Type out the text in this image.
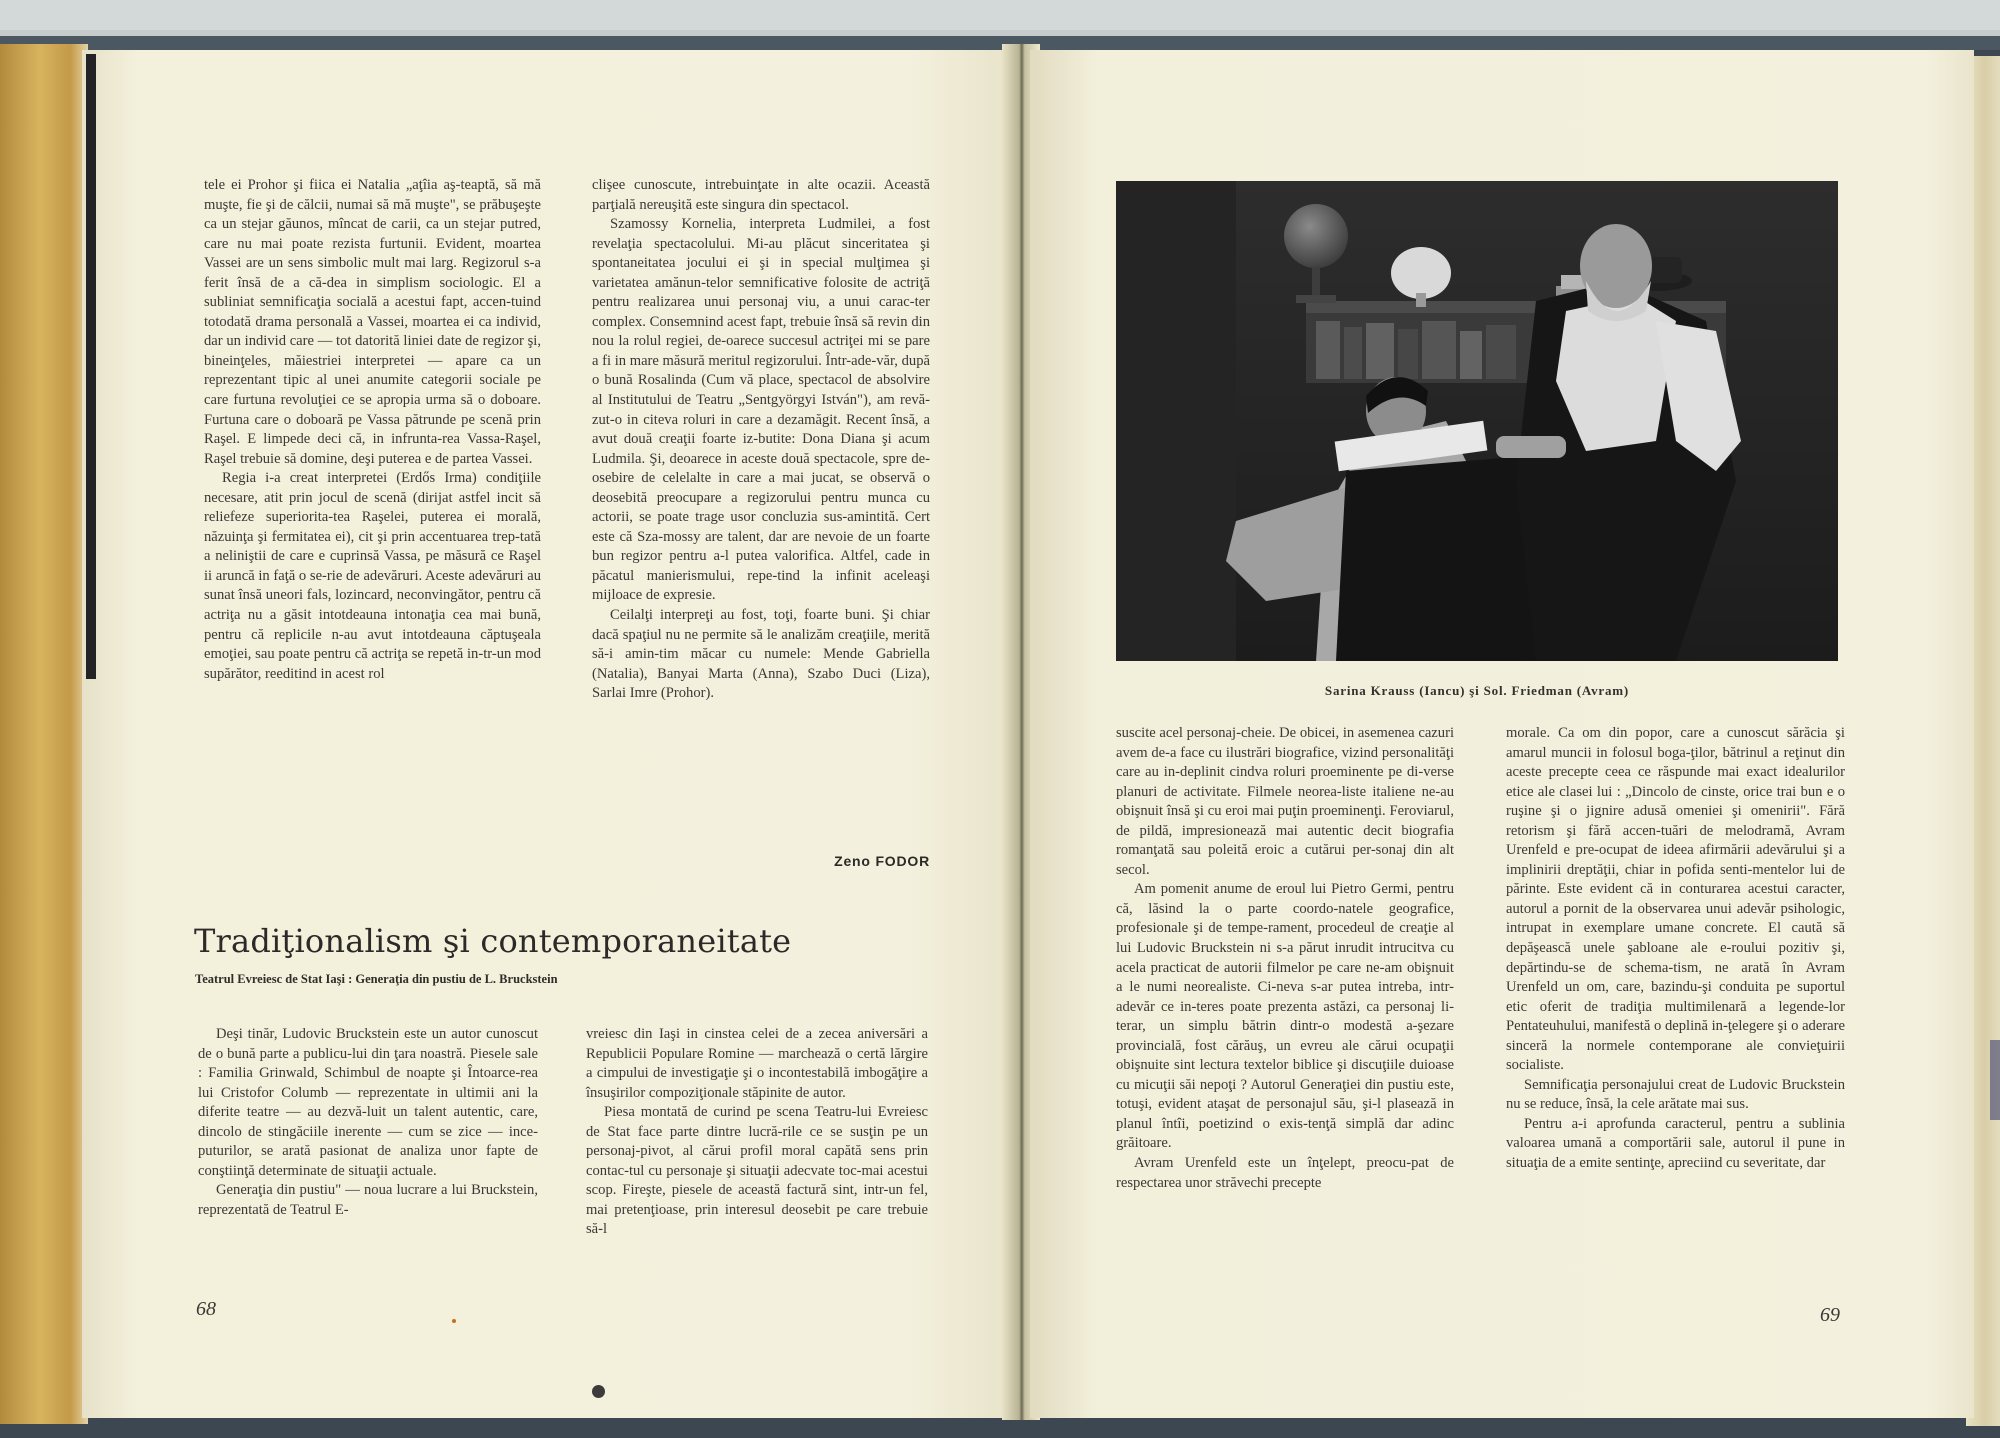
tele ei Prohor şi fiica ei Natalia „aţîia aş-teaptă, să mă muşte, fie şi de călcii, numai să mă muşte", se prăbuşeşte ca un stejar găunos, mîncat de carii, ca un stejar putred, care nu mai poate rezista furtunii. Evident, moartea Vassei are un sens simbolic mult mai larg. Regizorul s-a ferit însă de a că-dea in simplism sociologic. El a subliniat semnificaţia socială a acestui fapt, accen-tuind totodată drama personală a Vassei, moartea ei ca individ, dar un individ care — tot datorită liniei date de regizor şi, bineinţeles, măiestriei interpretei — apare ca un reprezentant tipic al unei anumite categorii sociale pe care furtuna revoluţiei ce se apropia urma să o doboare. Furtuna care o doboară pe Vassa pătrunde pe scenă prin Raşel. E limpede deci că, in infrunta-rea Vassa-Raşel, Raşel trebuie să domine, deşi puterea e de partea Vassei.

Regia i-a creat interpretei (Erdős Irma) condiţiile necesare, atit prin jocul de scenă (dirijat astfel incit să reliefeze superiorita-tea Raşelei, puterea ei morală, năzuinţa şi fermitatea ei), cit şi prin accentuarea trep-tată a neliniştii de care e cuprinsă Vassa, pe măsură ce Raşel ii aruncă in faţă o se-rie de adevăruri. Aceste adevăruri au sunat însă uneori fals, lozincard, neconvingător, pentru că actriţa nu a găsit intotdeauna intonaţia cea mai bună, pentru că replicile n-au avut intotdeauna căptuşeala emoţiei, sau poate pentru că actriţa se repetă in-tr-un mod supărător, reeditind in acest rol

clişee cunoscute, intrebuinţate in alte ocazii. Această parţială nereuşită este singura din spectacol.

Szamossy Kornelia, interpreta Ludmilei, a fost revelaţia spectacolului. Mi-au plăcut sinceritatea şi spontaneitatea jocului ei şi in special mulţimea şi varietatea amănun-telor semnificative folosite de actriţă pentru realizarea unui personaj viu, a unui carac-ter complex. Consemnind acest fapt, trebuie însă să revin din nou la rolul regiei, de-oarece succesul actriţei mi se pare a fi in mare măsură meritul regizorului. Într-ade-văr, după o bună Rosalinda (Cum vă place, spectacol de absolvire al Institutului de Teatru „Sentgyörgyi István"), am revă-zut-o in citeva roluri in care a dezamăgit. Recent însă, a avut două creaţii foarte iz-butite: Dona Diana şi acum Ludmila. Şi, deoarece in aceste două spectacole, spre de-osebire de celelalte in care a mai jucat, se observă o deosebită preocupare a regizorului pentru munca cu actorii, se poate trage usor concluzia sus-amintită. Cert este că Sza-mossy are talent, dar are nevoie de un foarte bun regizor pentru a-l putea valorifica. Altfel, cade in păcatul manierismului, repe-tind la infinit aceleaşi mijloace de expresie.

Ceilalţi interpreţi au fost, toţi, foarte buni. Şi chiar dacă spaţiul nu ne permite să le analizăm creaţiile, merită să-i amin-tim măcar cu numele: Mende Gabriella (Natalia), Banyai Marta (Anna), Szabo Duci (Liza), Sarlai Imre (Prohor).

Zeno FODOR
Tradiţionalism şi contemporaneitate
Teatrul Evreiesc de Stat Iaşi : Generaţia din pustiu de L. Bruckstein

Deşi tinăr, Ludovic Bruckstein este un autor cunoscut de o bună parte a publicu-lui din ţara noastră. Piesele sale : Familia Grinwald, Schimbul de noapte şi Întoarce-rea lui Cristofor Columb — reprezentate in ultimii ani la diferite teatre — au dezvă-luit un talent autentic, care, dincolo de stingăciile inerente — cum se zice — ince-puturilor, se arată pasionat de analiza unor fapte de conştiinţă determinate de situaţii actuale.

Generaţia din pustiu" — noua lucrare a lui Bruckstein, reprezentată de Teatrul E-

vreiesc din Iaşi in cinstea celei de a zecea aniversări a Republicii Populare Romine — marchează o certă lărgire a cimpului de investigaţie şi o incontestabilă imbogăţire a însuşirilor compoziţionale stăpinite de autor.

Piesa montată de curind pe scena Teatru-lui Evreiesc de Stat face parte dintre lucră-rile ce se susţin pe un personaj-pivot, al cărui profil moral capătă sens prin contac-tul cu personaje şi situaţii adecvate toc-mai acestui scop. Fireşte, piesele de această factură sint, intr-un fel, mai pretenţioase, prin interesul deosebit pe care trebuie să-l

68
Sarina Krauss (Iancu) şi Sol. Friedman (Avram)

suscite acel personaj-cheie. De obicei, in asemenea cazuri avem de-a face cu ilustrări biografice, vizind personalităţi care au in-deplinit cindva roluri proeminente pe di-verse planuri de activitate. Filmele neorea-liste italiene ne-au obişnuit însă şi cu eroi mai puţin proeminenţi. Feroviarul, de pildă, impresionează mai autentic decit biografia romanţată sau poleită eroic a cutărui per-sonaj din alt secol.

Am pomenit anume de eroul lui Pietro Germi, pentru că, lăsind la o parte coordo-natele geografice, profesionale şi de tempe-rament, procedeul de creaţie al lui Ludovic Bruckstein ni s-a părut inrudit intrucitva cu acela practicat de autorii filmelor pe care ne-am obişnuit a le numi neorealiste. Ci-neva s-ar putea intreba, intr-adevăr ce in-teres poate prezenta astăzi, ca personaj li-terar, un simplu bătrin dintr-o modestă a-şezare provincială, fost cărăuş, un evreu ale cărui ocupaţii obişnuite sint lectura textelor biblice şi discuţiile duioase cu micuţii săi nepoţi ? Autorul Generaţiei din pustiu este, totuşi, evident ataşat de personajul său, şi-l plasează in planul întîi, poetizind o exis-tenţă simplă dar adinc grăitoare.

Avram Urenfeld este un înţelept, preocu-pat de respectarea unor străvechi precepte

morale. Ca om din popor, care a cunoscut sărăcia şi amarul muncii in folosul boga-ţilor, bătrinul a reţinut din aceste precepte ceea ce răspunde mai exact idealurilor etice ale clasei lui : „Dincolo de cinste, orice trai bun e o ruşine şi o jignire adusă omeniei şi omenirii". Fără retorism şi fără accen-tuări de melodramă, Avram Urenfeld e pre-ocupat de ideea afirmării adevărului şi a implinirii dreptăţii, chiar in pofida senti-mentelor lui de părinte. Este evident că in conturarea acestui caracter, autorul a pornit de la observarea unui adevăr psihologic, intrupat in exemplare umane concrete. El caută să depăşească unele şabloane ale e-roului pozitiv şi, depărtindu-se de schema-tism, ne arată în Avram Urenfeld un om, care, bazindu-şi conduita pe suportul etic oferit de tradiţia multimilenară a legende-lor Pentateuhului, manifestă o deplină in-ţelegere şi o aderare sinceră la normele contemporane ale convieţuirii socialiste.

Semnificaţia personajului creat de Ludovic Bruckstein nu se reduce, însă, la cele arătate mai sus.

Pentru a-i aprofunda caracterul, pentru a sublinia valoarea umană a comportării sale, autorul il pune in situaţia de a emite sentinţe, apreciind cu severitate, dar

69
